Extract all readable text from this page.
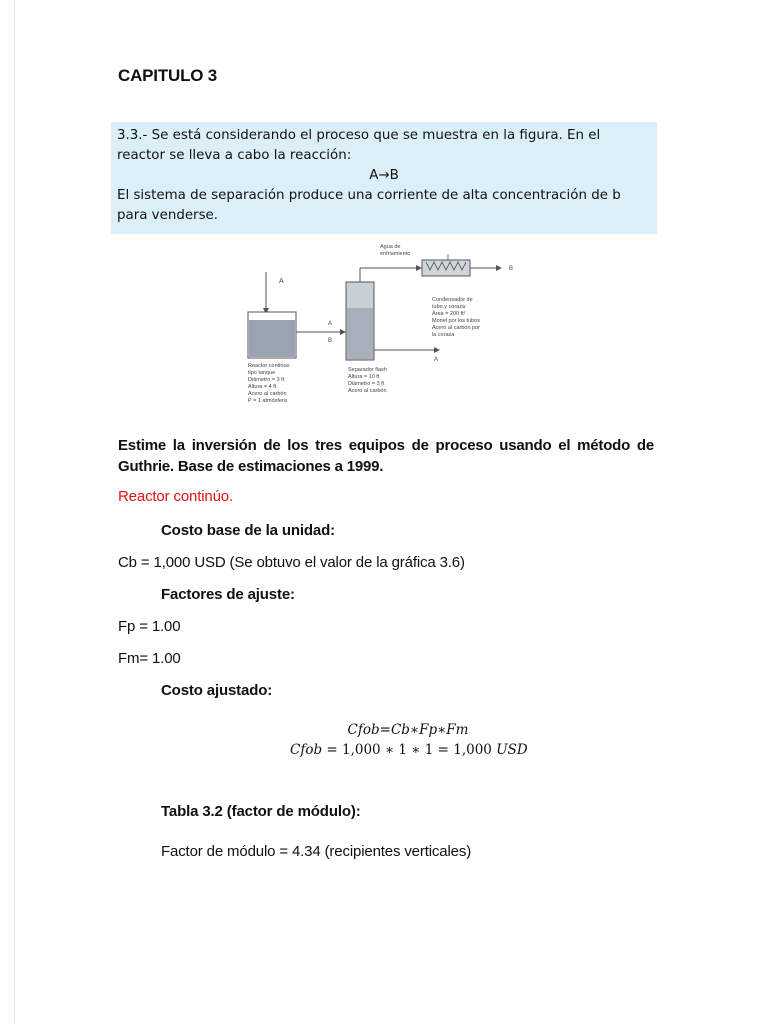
CAPITULO 3
3.3.- Se está considerando el proceso que se muestra en la figura. En el
reactor se lleva a cabo la reacción:
A→B
El sistema de separación produce una corriente de alta concentración de b
para venderse.
A
A
B
A
Agua de
enfriamiento
B
Condensador de tubo y coraza Área = 200 ft² Monel por los tubos Acero al carbón por la coraza
Reactor continuo tipo tanque Diámetro = 3 ft Altura = 4 ft Acero al carbón P = 1 atmósfera
Separador flash Altura = 10 ft Diámetro = 3 ft Acero al carbón
Estime la inversión de los tres equipos de proceso usando el método de Guthrie. Base de estimaciones a 1999.
Reactor continúo.
Costo base de la unidad:
Cb = 1,000 USD (Se obtuvo el valor de la gráfica 3.6)
Factores de ajuste:
Fp = 1.00
Fm= 1.00
Costo ajustado:
Cfob=Cb∗Fp∗Fm
Cfob = 1,000 ∗ 1 ∗ 1 = 1,000 USD
Tabla 3.2 (factor de módulo):
Factor de módulo = 4.34 (recipientes verticales)
